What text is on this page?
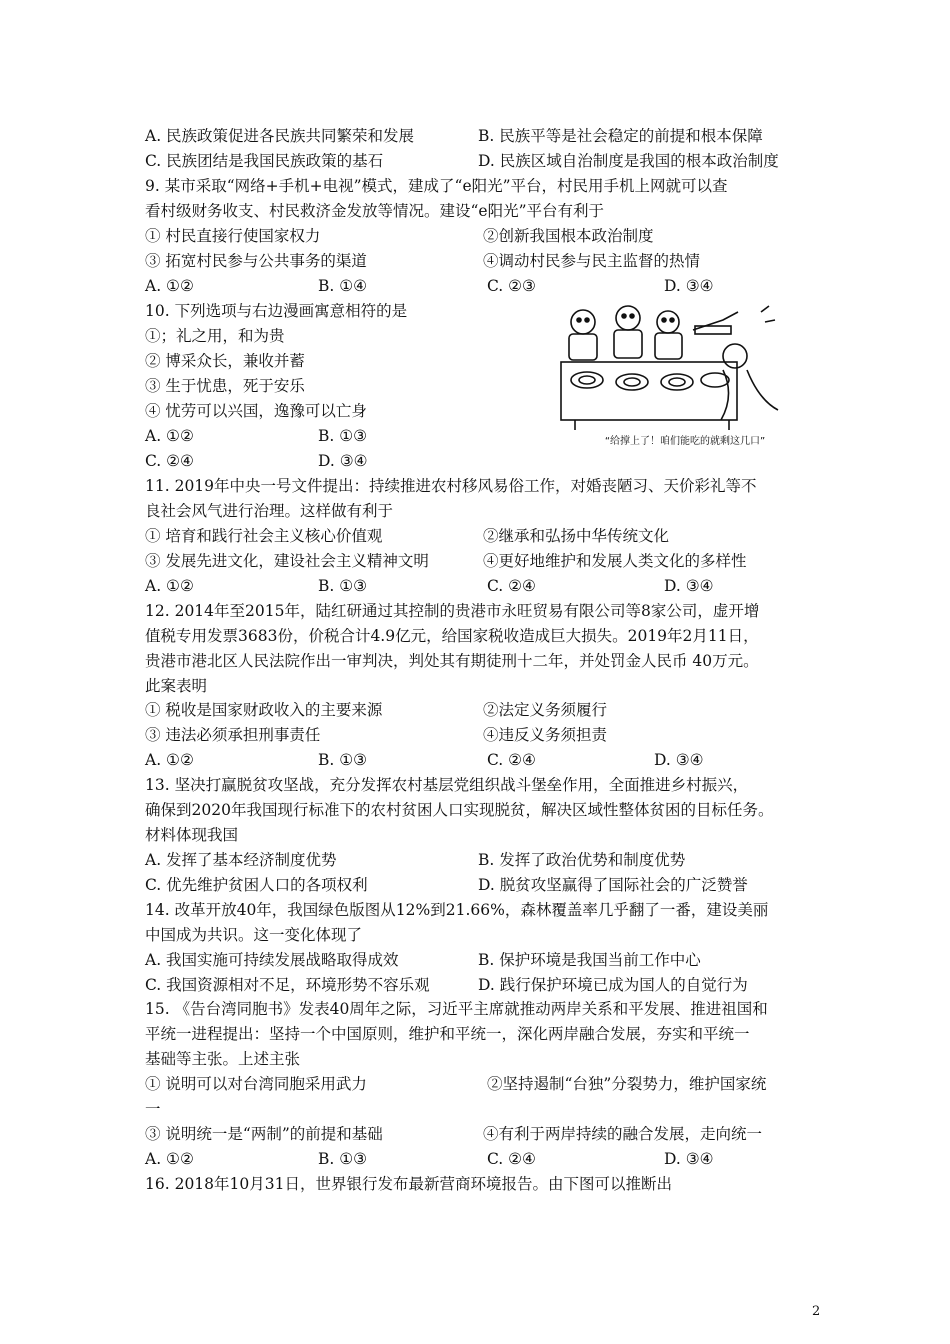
A. 民族政策促进各民族共同繁荣和发展	B. 民族平等是社会稳定的前提和根本保障
C. 民族团结是我国民族政策的基石	D. 民族区域自治制度是我国的根本政治制度
9. 某市采取“网络+手机+电视”模式，建成了“e阳光”平台，村民用手机上网就可以查
看村级财务收支、村民救济金发放等情况。建设“e阳光”平台有利于
① 村民直接行使国家权力	②创新我国根本政治制度
③ 拓宽村民参与公共事务的渠道	④调动村民参与民主监督的热情
A. ①②	B. ①④	C. ②③	D. ③④
10. 下列选项与右边漫画寓意相符的是
①；礼之用，和为贵
② 博采众长，兼收并蓄
③ 生于忧患，死于安乐
④ 忧劳可以兴国，逸豫可以亡身
A. ①②	B. ①③
C. ②④	D. ③④
“给撑上了！咱们能吃的就剩这几口”
11. 2019年中央一号文件提出：持续推进农村移风易俗工作，对婚丧陋习、天价彩礼等不
良社会风气进行治理。这样做有利于
① 培育和践行社会主义核心价值观	②继承和弘扬中华传统文化
③ 发展先进文化，建设社会主义精神文明	④更好地维护和发展人类文化的多样性
A. ①②	B. ①③	C. ②④	D. ③④
12. 2014年至2015年，陆红研通过其控制的贵港市永旺贸易有限公司等8家公司，虚开增
值税专用发票3683份，价税合计4.9亿元，给国家税收造成巨大损失。2019年2月11日，
贵港市港北区人民法院作出一审判决，判处其有期徒刑十二年，并处罚金人民币 40万元。
此案表明
① 税收是国家财政收入的主要来源	②法定义务须履行
③ 违法必须承担刑事责任	④违反义务须担责
A. ①②	B. ①③	C. ②④	D. ③④
13. 坚决打赢脱贫攻坚战，充分发挥农村基层党组织战斗堡垒作用，全面推进乡村振兴，
确保到2020年我国现行标准下的农村贫困人口实现脱贫，解决区域性整体贫困的目标任务。
材料体现我国
A. 发挥了基本经济制度优势	B. 发挥了政治优势和制度优势
C. 优先维护贫困人口的各项权利	D. 脱贫攻坚赢得了国际社会的广泛赞誉
14. 改革开放40年，我国绿色版图从12%到21.66%，森林覆盖率几乎翻了一番，建设美丽
中国成为共识。这一变化体现了
A. 我国实施可持续发展战略取得成效	B. 保护环境是我国当前工作中心
C. 我国资源相对不足，环境形势不容乐观	D. 践行保护环境已成为国人的自觉行为
15. 《告台湾同胞书》发表40周年之际，习近平主席就推动两岸关系和平发展、推进祖国和
平统一进程提出：坚持一个中国原则，维护和平统一，深化两岸融合发展，夯实和平统一
基础等主张。上述主张
① 说明可以对台湾同胞采用武力	②坚持遏制“台独”分裂势力，维护国家统
一
③ 说明统一是“两制”的前提和基础	④有利于两岸持续的融合发展，走向统一
A. ①②	B. ①③	C. ②④	D. ③④
16. 2018年10月31日，世界银行发布最新营商环境报告。由下图可以推断出
2
